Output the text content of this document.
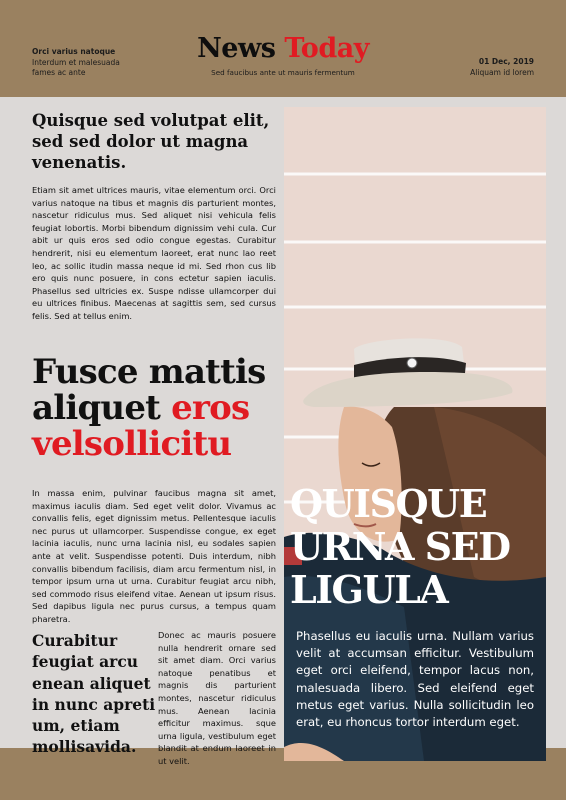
Orci varius natoque
Interdum et malesuada
fames ac ante
News Today
Sed faucibus ante ut mauris fermentum
01 Dec, 2019
Aliquam id lorem
QUISQUE URNA SED LIGULA
Phasellus eu iaculis urna. Nullam varius velit at accumsan efficitur. Vestibulum eget orci eleifend, tempor lacus non, malesuada libero. Sed eleifend eget metus eget varius. Nulla sollicitudin leo erat, eu rhoncus tortor interdum eget.
Quisque sed volutpat elit, sed sed dolor ut magna venenatis.
Etiam sit amet ultrices mauris, vitae elementum orci. Orci varius natoque na tibus et magnis dis parturient montes, nascetur ridiculus mus. Sed aliquet nisi vehicula felis feugiat lobortis. Morbi bibendum dignissim vehi cula. Cur abit ur quis eros sed odio congue egestas. Curabitur hendrerit, nisi eu elementum laoreet, erat nunc lao reet leo, ac sollic itudin massa neque id mi. Sed rhon cus lib ero quis nunc posuere, in cons ectetur sapien iaculis. Phasellus sed ultricies ex. Suspe ndisse ullamcorper dui eu ultrices finibus. Maecenas at sagittis sem, sed cursus felis. Sed at tellus enim.
Fusce mattis aliquet eros velsollicitu
In massa enim, pulvinar faucibus magna sit amet, maximus iaculis diam. Sed eget velit dolor. Vivamus ac convallis felis, eget dignissim metus. Pellentesque iaculis nec purus ut ullamcorper. Suspendisse congue, ex eget lacinia iaculis, nunc urna lacinia nisl, eu sodales sapien ante at velit. Suspendisse potenti. Duis interdum, nibh convallis bibendum facilisis, diam arcu fermentum nisl, in tempor ipsum urna ut urna. Curabitur feugiat arcu nibh, sed commodo risus eleifend vitae. Aenean ut ipsum risus. Sed dapibus ligula nec purus cursus, a tempus quam pharetra.
Curabitur feugiat arcu enean aliquet in nunc apreti um, etiam mollisavida.
Donec ac mauris posuere nulla hendrerit ornare sed sit amet diam. Orci varius natoque penatibus et magnis dis parturient montes, nascetur ridiculus mus. Aenean lacinia efficitur maximus. sque urna ligula, vestibulum eget blandit at endum laoreet in ut velit.
